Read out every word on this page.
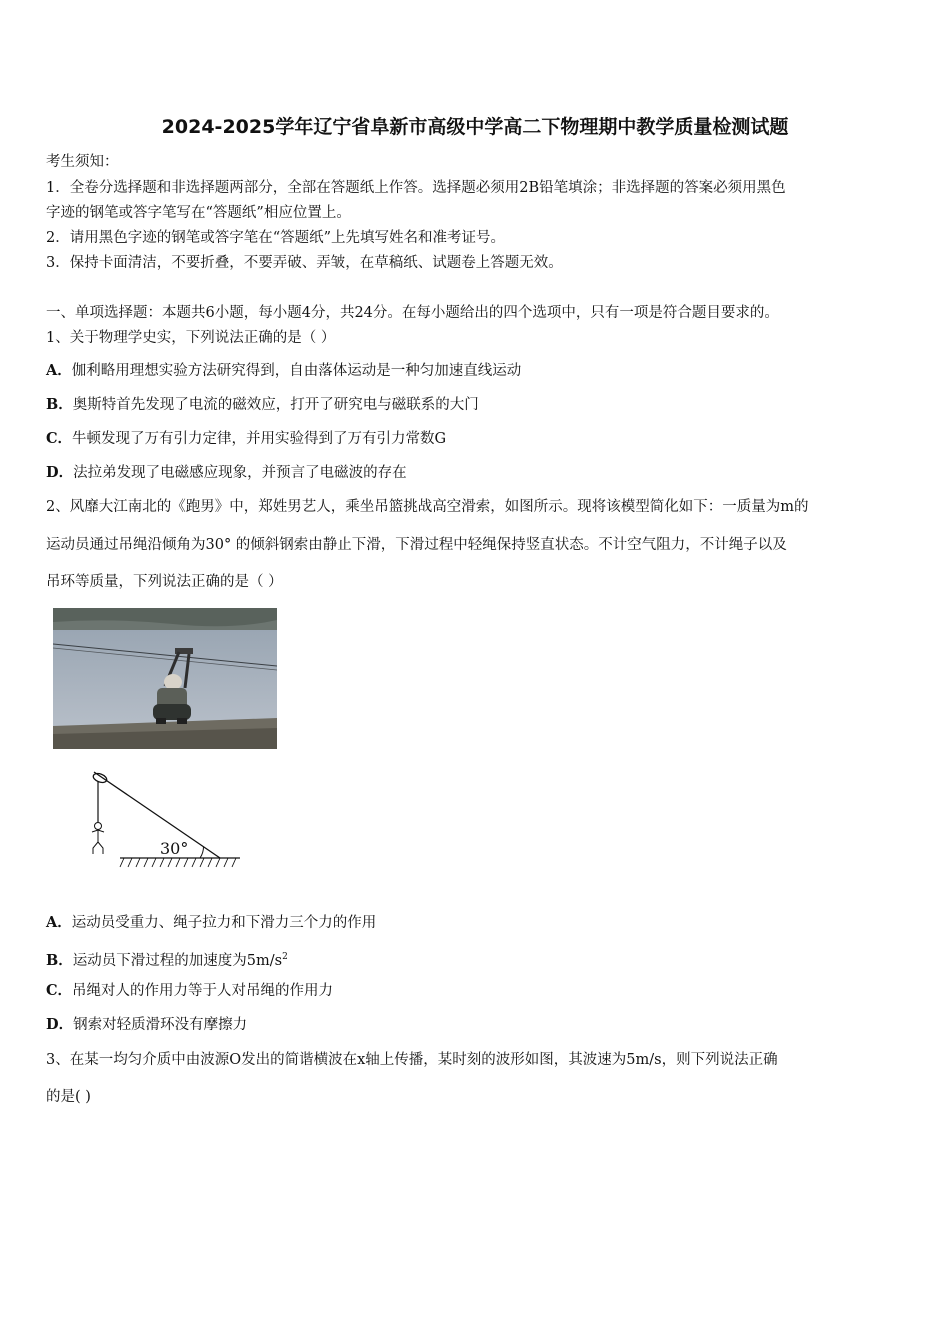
2024-2025学年辽宁省阜新市高级中学高二下物理期中教学质量检测试题
考生须知：
1．全卷分选择题和非选择题两部分，全部在答题纸上作答。选择题必须用2B铅笔填涂；非选择题的答案必须用黑色
字迹的钢笔或答字笔写在“答题纸”相应位置上。
2．请用黑色字迹的钢笔或答字笔在“答题纸”上先填写姓名和准考证号。
3．保持卡面清洁，不要折叠，不要弄破、弄皱，在草稿纸、试题卷上答题无效。
一、单项选择题：本题共6小题，每小题4分，共24分。在每小题给出的四个选项中，只有一项是符合题目要求的。
1、关于物理学史实，下列说法正确的是（ ）
A．伽利略用理想实验方法研究得到，自由落体运动是一种匀加速直线运动
B．奥斯特首先发现了电流的磁效应，打开了研究电与磁联系的大门
C．牛顿发现了万有引力定律，并用实验得到了万有引力常数G
D．法拉弟发现了电磁感应现象，并预言了电磁波的存在
2、风靡大江南北的《跑男》中，郑姓男艺人，乘坐吊篮挑战高空滑索，如图所示。现将该模型简化如下：一质量为m的
运动员通过吊绳沿倾角为30° 的倾斜钢索由静止下滑，下滑过程中轻绳保持竖直状态。不计空气阻力，不计绳子以及
吊环等质量，下列说法正确的是（ ）
30°
A．运动员受重力、绳子拉力和下滑力三个力的作用
B．运动员下滑过程的加速度为$5m/s^2$
C．吊绳对人的作用力等于人对吊绳的作用力
D．钢索对轻质滑环没有摩擦力
3、在某一均匀介质中由波源O发出的简谐横波在x轴上传播，某时刻的波形如图，其波速为5m/s，则下列说法正确
的是( )
